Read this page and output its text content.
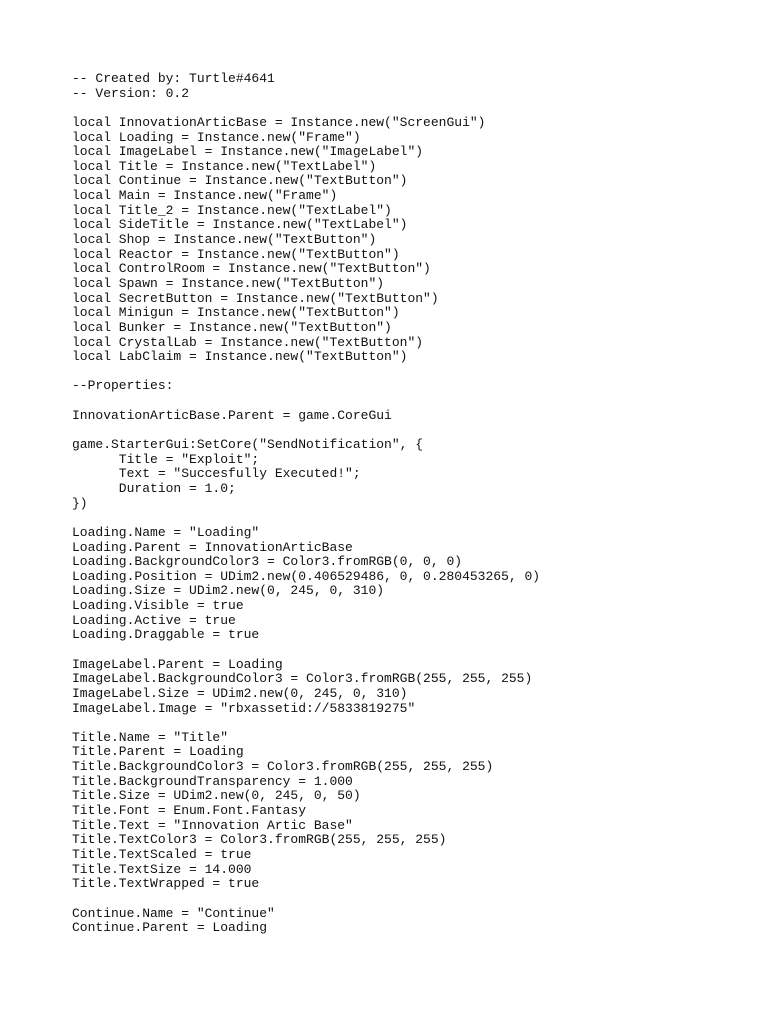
-- Created by: Turtle#4641
-- Version: 0.2
local InnovationArticBase = Instance.new("ScreenGui")
local Loading = Instance.new("Frame")
local ImageLabel = Instance.new("ImageLabel")
local Title = Instance.new("TextLabel")
local Continue = Instance.new("TextButton")
local Main = Instance.new("Frame")
local Title_2 = Instance.new("TextLabel")
local SideTitle = Instance.new("TextLabel")
local Shop = Instance.new("TextButton")
local Reactor = Instance.new("TextButton")
local ControlRoom = Instance.new("TextButton")
local Spawn = Instance.new("TextButton")
local SecretButton = Instance.new("TextButton")
local Minigun = Instance.new("TextButton")
local Bunker = Instance.new("TextButton")
local CrystalLab = Instance.new("TextButton")
local LabClaim = Instance.new("TextButton")
--Properties:
InnovationArticBase.Parent = game.CoreGui
game.StarterGui:SetCore("SendNotification", {
Title = "Exploit";
Text = "Succesfully Executed!";
Duration = 1.0;
})
Loading.Name = "Loading"
Loading.Parent = InnovationArticBase
Loading.BackgroundColor3 = Color3.fromRGB(0, 0, 0)
Loading.Position = UDim2.new(0.406529486, 0, 0.280453265, 0)
Loading.Size = UDim2.new(0, 245, 0, 310)
Loading.Visible = true
Loading.Active = true
Loading.Draggable = true
ImageLabel.Parent = Loading
ImageLabel.BackgroundColor3 = Color3.fromRGB(255, 255, 255)
ImageLabel.Size = UDim2.new(0, 245, 0, 310)
ImageLabel.Image = "rbxassetid://5833819275"
Title.Name = "Title"
Title.Parent = Loading
Title.BackgroundColor3 = Color3.fromRGB(255, 255, 255)
Title.BackgroundTransparency = 1.000
Title.Size = UDim2.new(0, 245, 0, 50)
Title.Font = Enum.Font.Fantasy
Title.Text = "Innovation Artic Base"
Title.TextColor3 = Color3.fromRGB(255, 255, 255)
Title.TextScaled = true
Title.TextSize = 14.000
Title.TextWrapped = true
Continue.Name = "Continue"
Continue.Parent = Loading
